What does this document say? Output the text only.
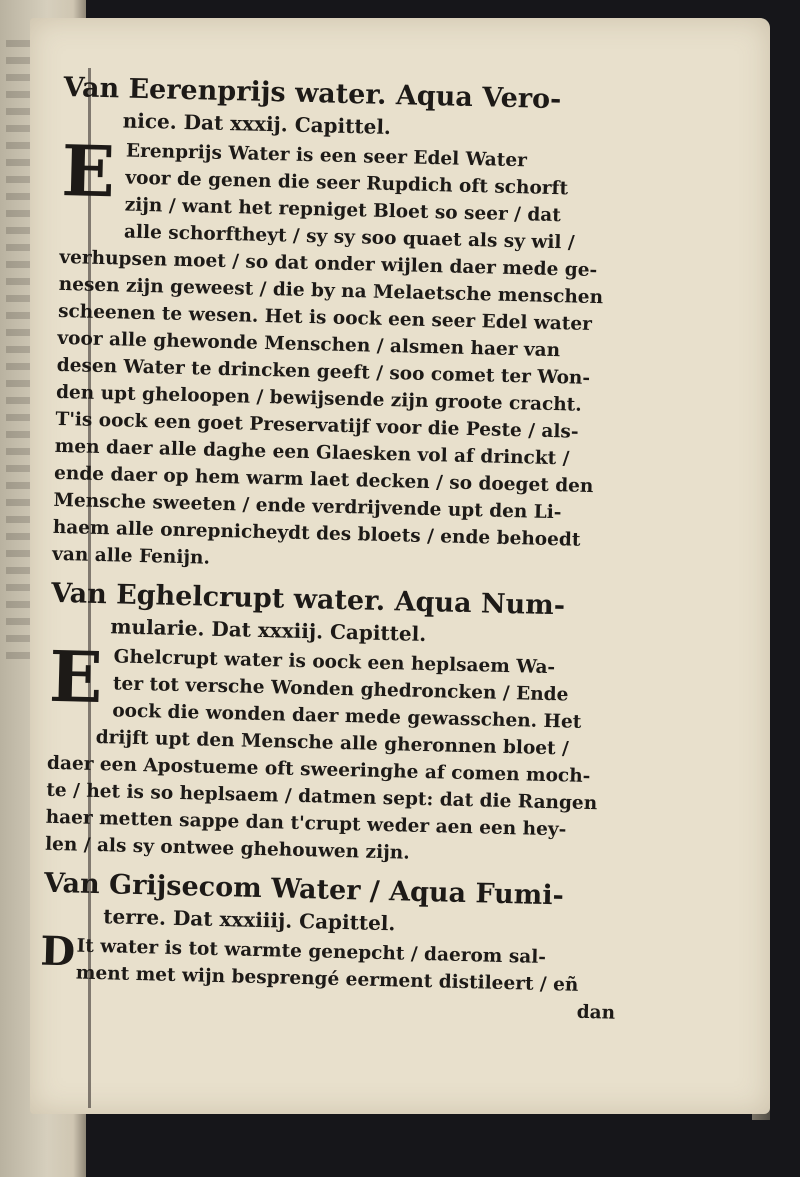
Van Eerenprijs water. Aqua Vero-

nice. Dat xxxij. Capittel.

E Erenprijs Water is een seer Edel Water

voor de genen die seer Rupdich oft schorft

zijn / want het repniget Bloet so seer / dat

alle schorftheyt / sy sy soo quaet als sy wil /

verhupsen moet / so dat onder wijlen daer mede ge-

nesen zijn geweest / die by na Melaetsche menschen

scheenen te wesen. Het is oock een seer Edel water

voor alle ghewonde Menschen / alsmen haer van

desen Water te drincken geeft / soo comet ter Won-

den upt gheloopen / bewijsende zijn groote cracht.

T'is oock een goet Preservatijf voor die Peste / als-

men daer alle daghe een Glaesken vol af drinckt /

ende daer op hem warm laet decken / so doeget den

Mensche sweeten / ende verdrijvende upt den Li-

haem alle onrepnicheydt des bloets / ende behoedt

van alle Fenijn.

Van Eghelcrupt water. Aqua Num-

mularie. Dat xxxiij. Capittel.

E Ghelcrupt water is oock een heplsaem Wa-

ter tot versche Wonden ghedroncken / Ende

oock die wonden daer mede gewasschen. Het

drijft upt den Mensche alle gheronnen bloet /

daer een Apostueme oft sweeringhe af comen moch-

te / het is so heplsaem / datmen sept: dat die Rangen

haer metten sappe dan t'crupt weder aen een hey-

len / als sy ontwee ghehouwen zijn.

Van Grijsecom Water / Aqua Fumi-

terre. Dat xxxiiij. Capittel.

D It water is tot warmte genepcht / daerom sal-

ment met wijn besprengé eerment distileert / eñ

dan
